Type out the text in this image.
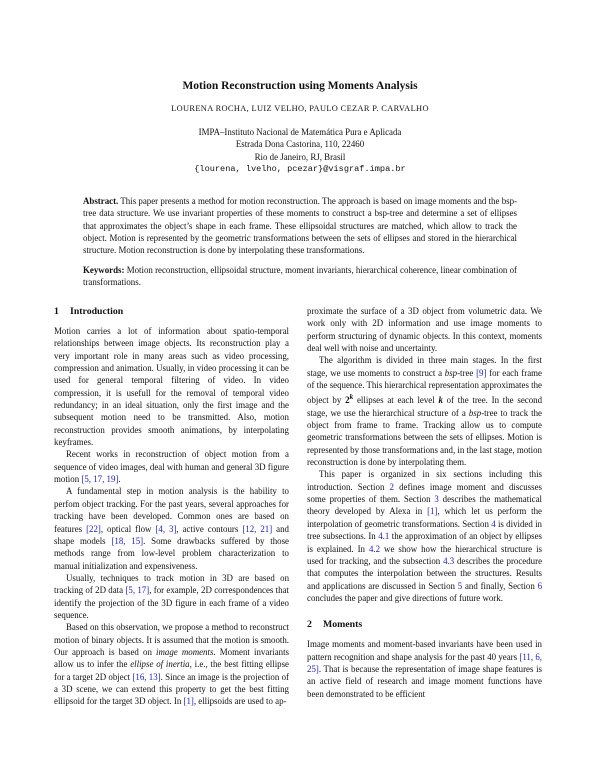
Motion Reconstruction using Moments Analysis
LOURENA ROCHA, LUIZ VELHO, PAULO CEZAR P. CARVALHO
IMPA–Instituto Nacional de Matemática Pura e Aplicada
Estrada Dona Castorina, 110, 22460
Rio de Janeiro, RJ, Brasil
{lourena, lvelho, pcezar}@visgraf.impa.br
Abstract. This paper presents a method for motion reconstruction. The approach is based on image moments and the bsp-tree data structure. We use invariant properties of these moments to construct a bsp-tree and determine a set of ellipses that approximates the object’s shape in each frame. These ellipsoidal structures are matched, which allow to track the object. Motion is represented by the geometric transformations between the sets of ellipses and stored in the hierarchical structure. Motion reconstruction is done by interpolating these transformations.
Keywords: Motion reconstruction, ellipsoidal structure, moment invariants, hierarchical coherence, linear combination of transformations.
1 Introduction

Motion carries a lot of information about spatio-temporal relationships between image objects. Its reconstruction play a very important role in many areas such as video processing, compression and animation. Usually, in video processing it can be used for general temporal filtering of video. In video compression, it is usefull for the removal of temporal video redundancy; in an ideal situation, only the first image and the subsequent motion need to be transmitted. Also, motion reconstruction provides smooth animations, by interpolating keyframes.

Recent works in reconstruction of object motion from a sequence of video images, deal with human and general 3D figure motion [5, 17, 19].

A fundamental step in motion analysis is the hability to perfom object tracking. For the past years, several approaches for tracking have been developed. Common ones are based on features [22], optical flow [4, 3], active contours [12, 21] and shape models [18, 15]. Some drawbacks suffered by those methods range from low-level problem characterization to manual initialization and expensiveness.

Usually, techniques to track motion in 3D are based on tracking of 2D data [5, 17], for example, 2D correspondences that identify the projection of the 3D figure in each frame of a video sequence.

Based on this observation, we propose a method to reconstruct motion of binary objects. It is assumed that the motion is smooth. Our approach is based on image moments. Moment invariants allow us to infer the ellipse of inertia, i.e., the best fitting ellipse for a target 2D object [16, 13]. Since an image is the projection of a 3D scene, we can extend this property to get the best fitting ellipsoid for the target 3D object. In [1], ellipsoids are used to ap-

proximate the surface of a 3D object from volumetric data. We work only with 2D information and use image moments to perform structuring of dynamic objects. In this context, moments deal well with noise and uncertainty.

The algorithm is divided in three main stages. In the first stage, we use moments to construct a bsp-tree [9] for each frame of the sequence. This hierarchical representation approximates the object by 2$^k$ ellipses at each level k of the tree. In the second stage, we use the hierarchical structure of a bsp-tree to track the object from frame to frame. Tracking allow us to compute geometric transformations between the sets of ellipses. Motion is represented by those transformations and, in the last stage, motion reconstruction is done by interpolating them.

This paper is organized in six sections including this introduction. Section 2 defines image moment and discusses some properties of them. Section 3 describes the mathematical theory developed by Alexa in [1], which let us perform the interpolation of geometric transformations. Section 4 is divided in tree subsections. In 4.1 the approximation of an object by ellipses is explained. In 4.2 we show how the hierarchical structure is used for tracking, and the subsection 4.3 describes the procedure that computes the interpolation between the structures. Results and applications are discussed in Section 5 and finally, Section 6 concludes the paper and give directions of future work.

2 Moments

Image moments and moment-based invariants have been used in pattern recognition and shape analysis for the past 40 years [11, 6, 25]. That is because the representation of image shape features is an active field of research and image moment functions have been demonstrated to be efficient
